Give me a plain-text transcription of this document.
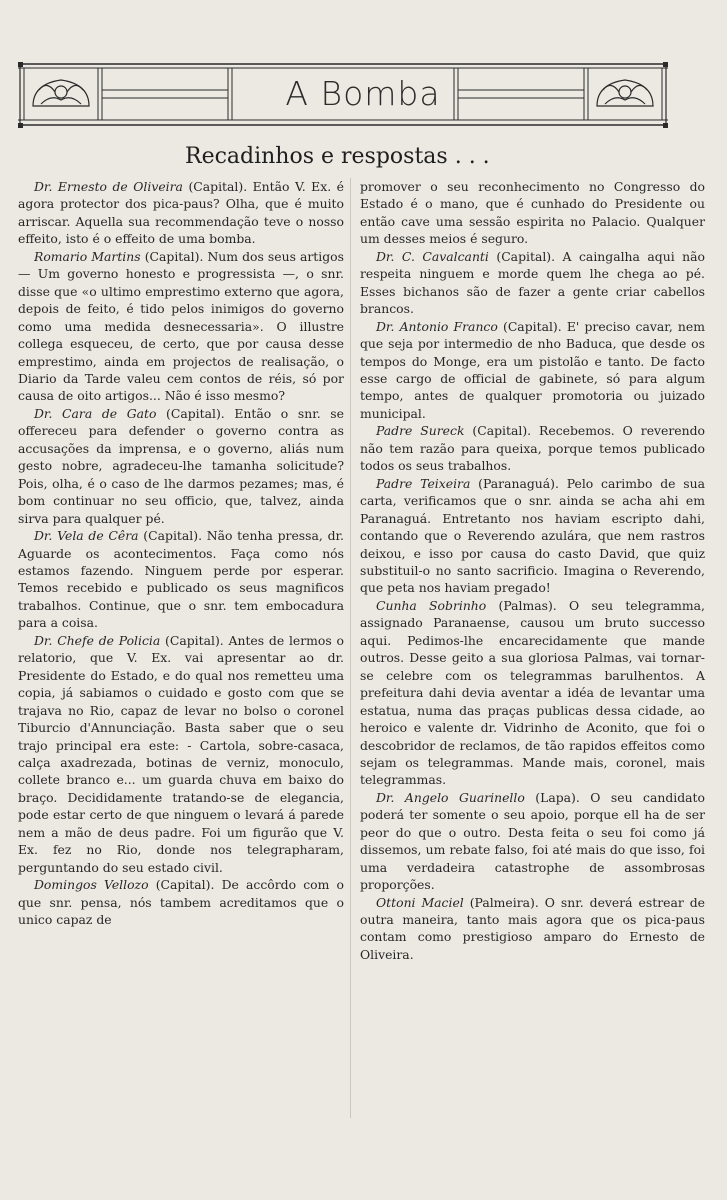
A Bomba
Recadinhos e respostas . . .

Dr. Ernesto de Oliveira (Capital). Então V. Ex. é agora protector dos pica-paus? Olha, que é muito arriscar. Aquella sua recommendação teve o nosso effeito, isto é o effeito de uma bomba.

Romario Martins (Capital). Num dos seus artigos — Um governo honesto e progressista —, o snr. disse que «o ultimo emprestimo externo que agora, depois de feito, é tido pelos inimigos do governo como uma medida desnecessaria». O illustre collega esqueceu, de certo, que por causa desse emprestimo, ainda em projectos de realisação, o Diario da Tarde valeu cem contos de réis, só por causa de oito artigos... Não é isso mesmo?

Dr. Cara de Gato (Capital). Então o snr. se offereceu para defender o governo contra as accusações da imprensa, e o governo, aliás num gesto nobre, agradeceu-lhe tamanha solicitude? Pois, olha, é o caso de lhe darmos pezames; mas, é bom continuar no seu officio, que, talvez, ainda sirva para qualquer pé.

Dr. Vela de Cêra (Capital). Não tenha pressa, dr. Aguarde os acontecimentos. Faça como nós estamos fazendo. Ninguem perde por esperar. Temos recebido e publicado os seus magnificos trabalhos. Continue, que o snr. tem embocadura para a coisa.

Dr. Chefe de Policia (Capital). Antes de lermos o relatorio, que V. Ex. vai apresentar ao dr. Presidente do Estado, e do qual nos remetteu uma copia, já sabiamos o cuidado e gosto com que se trajava no Rio, capaz de levar no bolso o coronel Tiburcio d'Annunciação. Basta saber que o seu trajo principal era este: - Cartola, sobre-casaca, calça axadrezada, botinas de verniz, monoculo, collete branco e... um guarda chuva em baixo do braço. Decididamente tratando-se de elegancia, pode estar certo de que ninguem o levará á parede nem a mão de deus padre. Foi um figurão que V. Ex. fez no Rio, donde nos telegrapharam, perguntando do seu estado civil.

Domingos Vellozo (Capital). De accôrdo com o que snr. pensa, nós tambem acreditamos que o unico capaz de

promover o seu reconhecimento no Congresso do Estado é o mano, que é cunhado do Presidente ou então cave uma sessão espirita no Palacio. Qualquer um desses meios é seguro.

Dr. C. Cavalcanti (Capital). A caingalha aqui não respeita ninguem e morde quem lhe chega ao pé. Esses bichanos são de fazer a gente criar cabellos brancos.

Dr. Antonio Franco (Capital). E' preciso cavar, nem que seja por intermedio de nho Baduca, que desde os tempos do Monge, era um pistolão e tanto. De facto esse cargo de official de gabinete, só para algum tempo, antes de qualquer promotoria ou juizado municipal.

Padre Sureck (Capital). Recebemos. O reverendo não tem razão para queixa, porque temos publicado todos os seus trabalhos.

Padre Teixeira (Paranaguá). Pelo carimbo de sua carta, verificamos que o snr. ainda se acha ahi em Paranaguá. Entretanto nos haviam escripto dahi, contando que o Reverendo azulára, que nem rastros deixou, e isso por causa do casto David, que quiz substituil-o no santo sacrificio. Imagina o Reverendo, que peta nos haviam pregado!

Cunha Sobrinho (Palmas). O seu telegramma, assignado Paranaense, causou um bruto successo aqui. Pedimos-lhe encarecidamente que mande outros. Desse geito a sua gloriosa Palmas, vai tornar-se celebre com os telegrammas barulhentos. A prefeitura dahi devia aventar a idéa de levantar uma estatua, numa das praças publicas dessa cidade, ao heroico e valente dr. Vidrinho de Aconito, que foi o descobridor de reclamos, de tão rapidos effeitos como sejam os telegrammas. Mande mais, coronel, mais telegrammas.

Dr. Angelo Guarinello (Lapa). O seu candidato poderá ter somente o seu apoio, porque ell ha de ser peor do que o outro. Desta feita o seu foi como já dissemos, um rebate falso, foi até mais do que isso, foi uma verdadeira catastrophe de assombrosas proporções.

Ottoni Maciel (Palmeira). O snr. deverá estrear de outra maneira, tanto mais agora que os pica-paus contam como prestigioso amparo do Ernesto de Oliveira.
